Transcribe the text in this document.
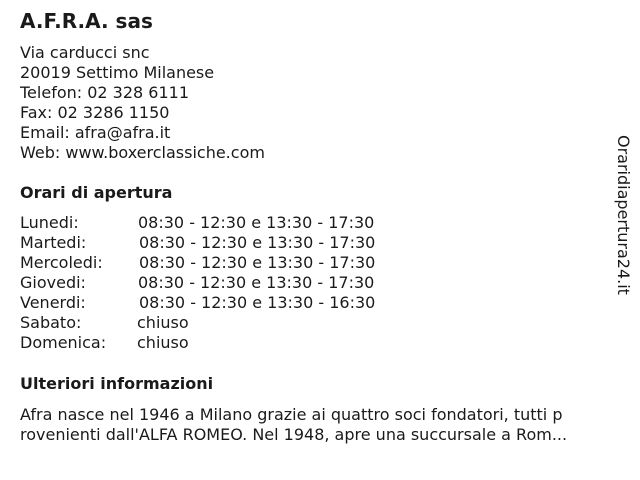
A.F.R.A. sas
Via carducci snc
20019 Settimo Milanese
Telefon: 02 328 6111
Fax: 02 3286 1150
Email: afra@afra.it
Web: www.boxerclassiche.com
Orari di apertura
Lunedi:	08:30 - 12:30 e 13:30 - 17:30
Martedi:	08:30 - 12:30 e 13:30 - 17:30
Mercoledi: 08:30 - 12:30 e 13:30 - 17:30
Giovedi:	08:30 - 12:30 e 13:30 - 17:30
Venerdi:	08:30 - 12:30 e 13:30 - 16:30
Sabato:	chiuso
Domenica: chiuso
Ulteriori informazioni
Afra nasce nel 1946 a Milano grazie ai quattro soci fondatori, tutti p
rovenienti dall'ALFA ROMEO. Nel 1948, apre una succursale a Rom...
Oraridiapertura24.it
